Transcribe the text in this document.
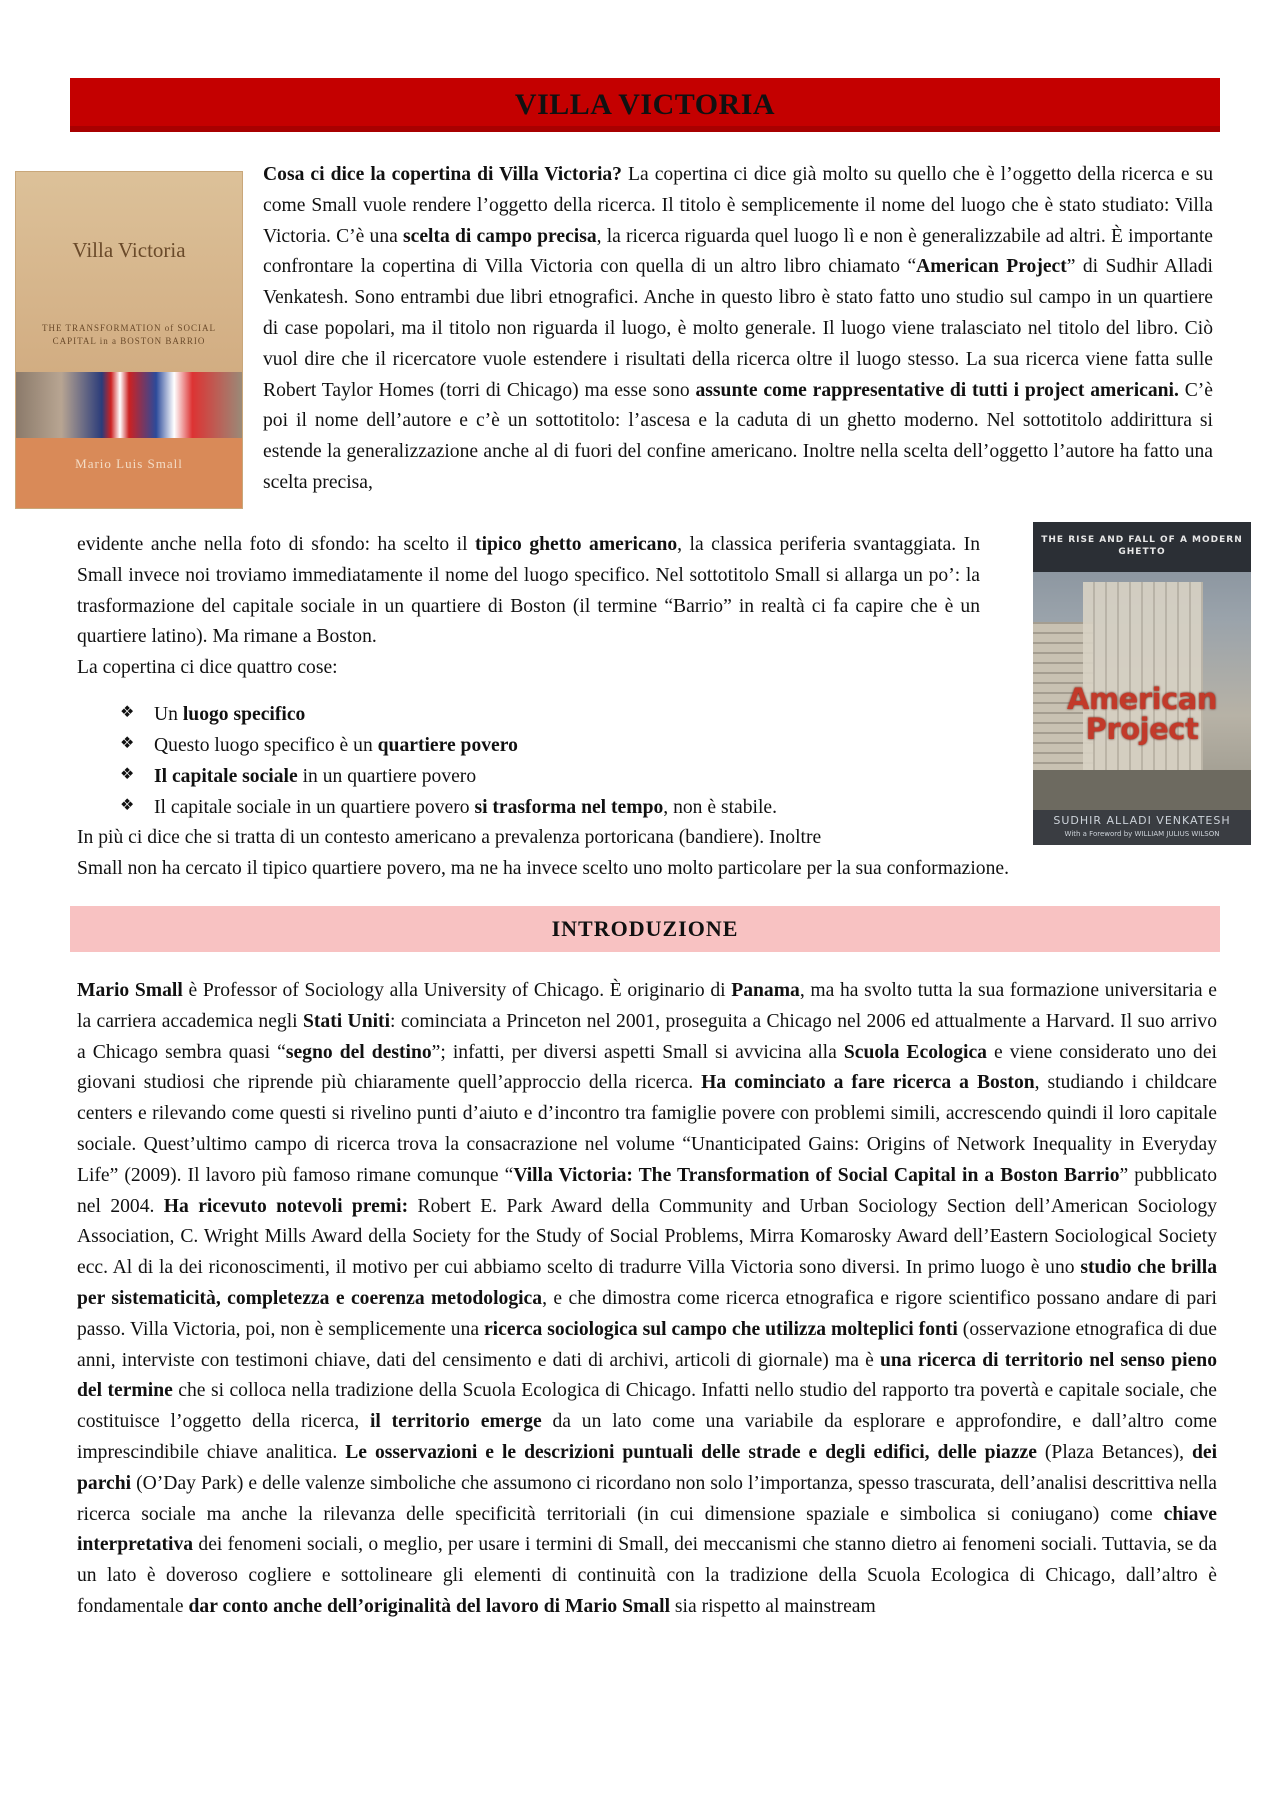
VILLA VICTORIA
Villa Victoria
THE TRANSFORMATION of SOCIAL CAPITAL in a BOSTON BARRIO
Mario Luis Small

Cosa ci dice la copertina di Villa Victoria? La copertina ci dice già molto su quello che è l’oggetto della ricerca e su come Small vuole rendere l’oggetto della ricerca. Il titolo è semplicemente il nome del luogo che è stato studiato: Villa Victoria. C’è una scelta di campo precisa, la ricerca riguarda quel luogo lì e non è generalizzabile ad altri. È importante confrontare la copertina di Villa Victoria con quella di un altro libro chiamato “American Project” di Sudhir Alladi Venkatesh. Sono entrambi due libri etnografici. Anche in questo libro è stato fatto uno studio sul campo in un quartiere di case popolari, ma il titolo non riguarda il luogo, è molto generale. Il luogo viene tralasciato nel titolo del libro. Ciò vuol dire che il ricercatore vuole estendere i risultati della ricerca oltre il luogo stesso. La sua ricerca viene fatta sulle Robert Taylor Homes (torri di Chicago) ma esse sono assunte come rappresentative di tutti i project americani. C’è poi il nome dell’autore e c’è un sottotitolo: l’ascesa e la caduta di un ghetto moderno. Nel sottotitolo addirittura si estende la generalizzazione anche al di fuori del confine americano. Inoltre nella scelta dell’oggetto l’autore ha fatto una scelta precisa,

evidente anche nella foto di sfondo: ha scelto il tipico ghetto americano, la classica periferia svantaggiata. In Small invece noi troviamo immediatamente il nome del luogo specifico. Nel sottotitolo Small si allarga un po’: la trasformazione del capitale sociale in un quartiere di Boston (il termine “Barrio” in realtà ci fa capire che è un quartiere latino). Ma rimane a Boston.
La copertina ci dice quattro cose:

THE RISE AND FALL OF A MODERN GHETTO
American Project
SUDHIR ALLADI VENKATESH
With a Foreword by WILLIAM JULIUS WILSON
❖
Un luogo specifico
❖
Questo luogo specifico è un quartiere povero
❖
Il capitale sociale in un quartiere povero
❖
Il capitale sociale in un quartiere povero si trasforma nel tempo, non è stabile.

In più ci dice che si tratta di un contesto americano a prevalenza portoricana (bandiere). Inoltre
Small non ha cercato il tipico quartiere povero, ma ne ha invece scelto uno molto particolare per la sua conformazione.

INTRODUZIONE

Mario Small è Professor of Sociology alla University of Chicago. È originario di Panama, ma ha svolto tutta la sua formazione universitaria e la carriera accademica negli Stati Uniti: cominciata a Princeton nel 2001, proseguita a Chicago nel 2006 ed attualmente a Harvard. Il suo arrivo a Chicago sembra quasi “segno del destino”; infatti, per diversi aspetti Small si avvicina alla Scuola Ecologica e viene considerato uno dei giovani studiosi che riprende più chiaramente quell’approccio della ricerca. Ha cominciato a fare ricerca a Boston, studiando i childcare centers e rilevando come questi si rivelino punti d’aiuto e d’incontro tra famiglie povere con problemi simili, accrescendo quindi il loro capitale sociale. Quest’ultimo campo di ricerca trova la consacrazione nel volume “Unanticipated Gains: Origins of Network Inequality in Everyday Life” (2009). Il lavoro più famoso rimane comunque “Villa Victoria: The Transformation of Social Capital in a Boston Barrio” pubblicato nel 2004. Ha ricevuto notevoli premi: Robert E. Park Award della Community and Urban Sociology Section dell’American Sociology Association, C. Wright Mills Award della Society for the Study of Social Problems, Mirra Komarosky Award dell’Eastern Sociological Society ecc. Al di la dei riconoscimenti, il motivo per cui abbiamo scelto di tradurre Villa Victoria sono diversi. In primo luogo è uno studio che brilla per sistematicità, completezza e coerenza metodologica, e che dimostra come ricerca etnografica e rigore scientifico possano andare di pari passo. Villa Victoria, poi, non è semplicemente una ricerca sociologica sul campo che utilizza molteplici fonti (osservazione etnografica di due anni, interviste con testimoni chiave, dati del censimento e dati di archivi, articoli di giornale) ma è una ricerca di territorio nel senso pieno del termine che si colloca nella tradizione della Scuola Ecologica di Chicago. Infatti nello studio del rapporto tra povertà e capitale sociale, che costituisce l’oggetto della ricerca, il territorio emerge da un lato come una variabile da esplorare e approfondire, e dall’altro come imprescindibile chiave analitica. Le osservazioni e le descrizioni puntuali delle strade e degli edifici, delle piazze (Plaza Betances), dei parchi (O’Day Park) e delle valenze simboliche che assumono ci ricordano non solo l’importanza, spesso trascurata, dell’analisi descrittiva nella ricerca sociale ma anche la rilevanza delle specificità territoriali (in cui dimensione spaziale e simbolica si coniugano) come chiave interpretativa dei fenomeni sociali, o meglio, per usare i termini di Small, dei meccanismi che stanno dietro ai fenomeni sociali. Tuttavia, se da un lato è doveroso cogliere e sottolineare gli elementi di continuità con la tradizione della Scuola Ecologica di Chicago, dall’altro è fondamentale dar conto anche dell’originalità del lavoro di Mario Small sia rispetto al mainstream
